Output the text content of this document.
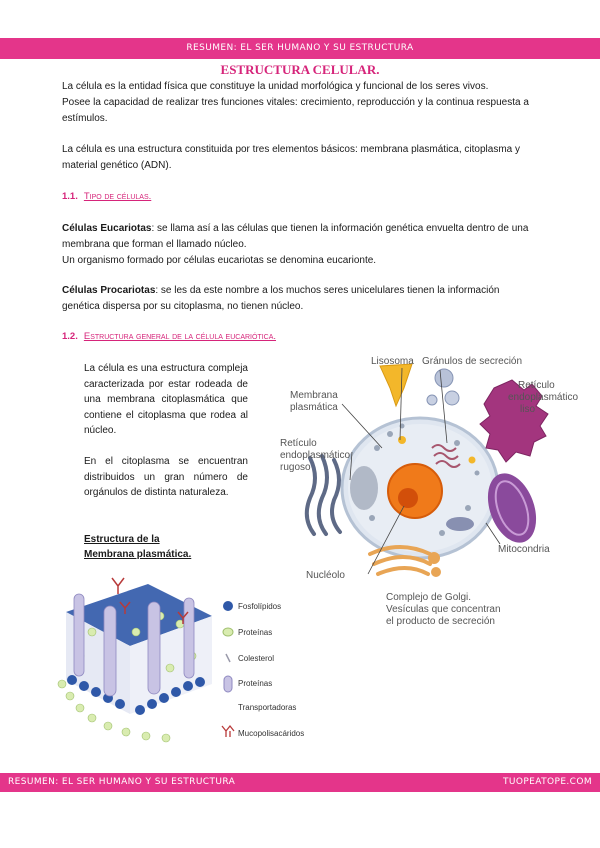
RESUMEN: EL SER HUMANO Y SU ESTRUCTURA
ESTRUCTURA CELULAR.
La célula es la entidad física que constituye la unidad morfológica y funcional de los seres vivos.
Posee la capacidad de realizar tres funciones vitales: crecimiento, reproducción y la continua respuesta a estímulos.
La célula es una estructura constituida por tres elementos básicos: membrana plasmática, citoplasma y material genético (ADN).
1.1. Tipo de células.
Células Eucariotas: se llama así a las células que tienen la información genética envuelta dentro de una membrana que forman el llamado núcleo.
Un organismo formado por células eucariotas se denomina eucarionte.
Células Procariotas: se les da este nombre a los muchos seres unicelulares tienen la información genética dispersa por su citoplasma, no tienen núcleo.
1.2. Estructura general de la célula eucariótica.
La célula es una estructura compleja caracterizada por estar rodeada de una membrana citoplasmática que contiene el citoplasma que rodea al núcleo.
En el citoplasma se encuentran distribuidos un gran número de orgánulos de distinta naturaleza.
Estructura de la
Membrana plasmática.
Lisosoma Gránulos de secreción
Retículo
endoplasmático
liso
Membrana
plasmática
Retículo
endoplasmático
rugoso
Mitocondria
Nucléolo
Complejo de Golgi.
Vesículas que concentran
el producto de secreción
Fosfolípidos
Proteínas
Colesterol
Proteínas
Transportadoras
Mucopolisacáridos
RESUMEN: EL SER HUMANO Y SU ESTRUCTURA	TUOPEATOPE.COM
